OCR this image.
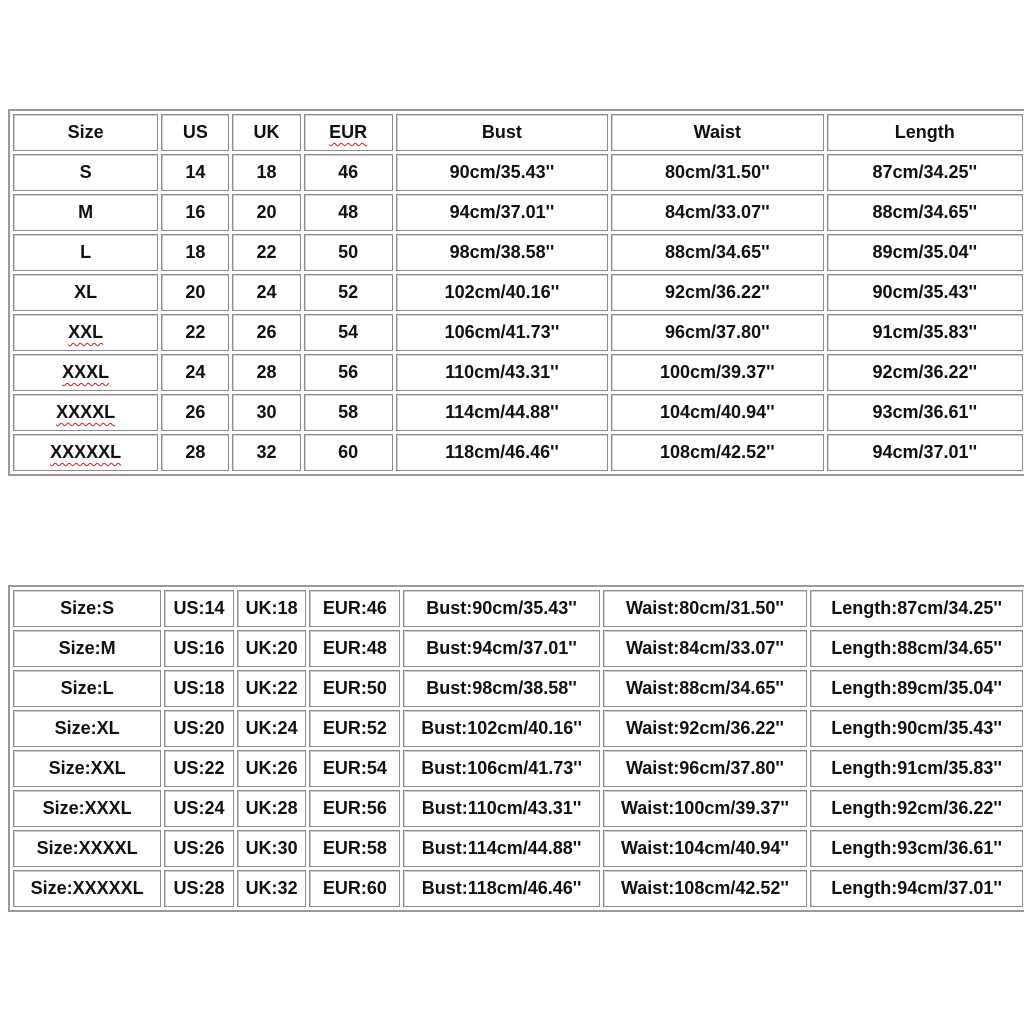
Size	US	UK	EUR	Bust	Waist	Length
S	14	18	46	90cm/35.43''	80cm/31.50''	87cm/34.25''
M	16	20	48	94cm/37.01''	84cm/33.07''	88cm/34.65''
L	18	22	50	98cm/38.58''	88cm/34.65''	89cm/35.04''
XL	20	24	52	102cm/40.16''	92cm/36.22''	90cm/35.43''
XXL	22	26	54	106cm/41.73''	96cm/37.80''	91cm/35.83''
XXXL	24	28	56	110cm/43.31''	100cm/39.37''	92cm/36.22''
XXXXL	26	30	58	114cm/44.88''	104cm/40.94''	93cm/36.61''
XXXXXL	28	32	60	118cm/46.46''	108cm/42.52''	94cm/37.01''
Size:S	US:14	UK:18	EUR:46	Bust:90cm/35.43''	Waist:80cm/31.50''	Length:87cm/34.25''
Size:M	US:16	UK:20	EUR:48	Bust:94cm/37.01''	Waist:84cm/33.07''	Length:88cm/34.65''
Size:L	US:18	UK:22	EUR:50	Bust:98cm/38.58''	Waist:88cm/34.65''	Length:89cm/35.04''
Size:XL	US:20	UK:24	EUR:52	Bust:102cm/40.16''	Waist:92cm/36.22''	Length:90cm/35.43''
Size:XXL	US:22	UK:26	EUR:54	Bust:106cm/41.73''	Waist:96cm/37.80''	Length:91cm/35.83''
Size:XXXL	US:24	UK:28	EUR:56	Bust:110cm/43.31''	Waist:100cm/39.37''	Length:92cm/36.22''
Size:XXXXL	US:26	UK:30	EUR:58	Bust:114cm/44.88''	Waist:104cm/40.94''	Length:93cm/36.61''
Size:XXXXXL	US:28	UK:32	EUR:60	Bust:118cm/46.46''	Waist:108cm/42.52''	Length:94cm/37.01''
